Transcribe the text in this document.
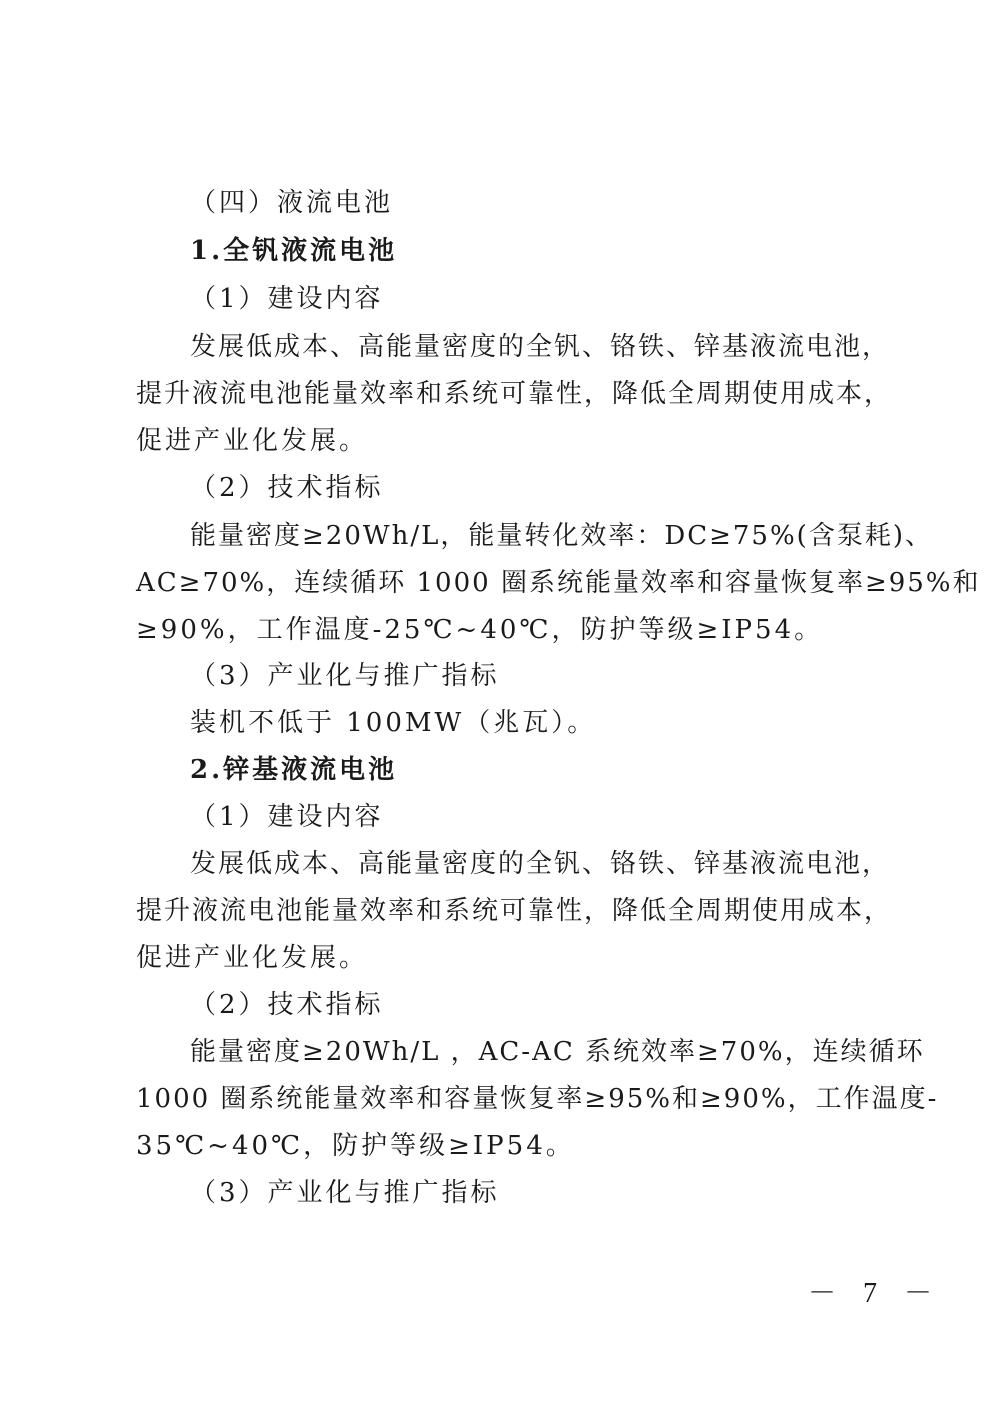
（四）液流电池
1.全钒液流电池
（1）建设内容
发展低成本、高能量密度的全钒、铬铁、锌基液流电池，
提升液流电池能量效率和系统可靠性，降低全周期使用成本，
促进产业化发展。
（2）技术指标
能量密度≥20Wh/L，能量转化效率：DC≥75%(含泵耗)、
AC≥70%，连续循环 1000 圈系统能量效率和容量恢复率≥95%和
≥90%，工作温度-25℃~40℃，防护等级≥IP54。
（3）产业化与推广指标
装机不低于 100MW（兆瓦）。
2.锌基液流电池
（1）建设内容
发展低成本、高能量密度的全钒、铬铁、锌基液流电池，
提升液流电池能量效率和系统可靠性，降低全周期使用成本，
促进产业化发展。
（2）技术指标
能量密度≥20Wh/L ，AC-AC 系统效率≥70%，连续循环
1000 圈系统能量效率和容量恢复率≥95%和≥90%，工作温度-
35℃~40℃，防护等级≥IP54。
（3）产业化与推广指标
－ 7 －
